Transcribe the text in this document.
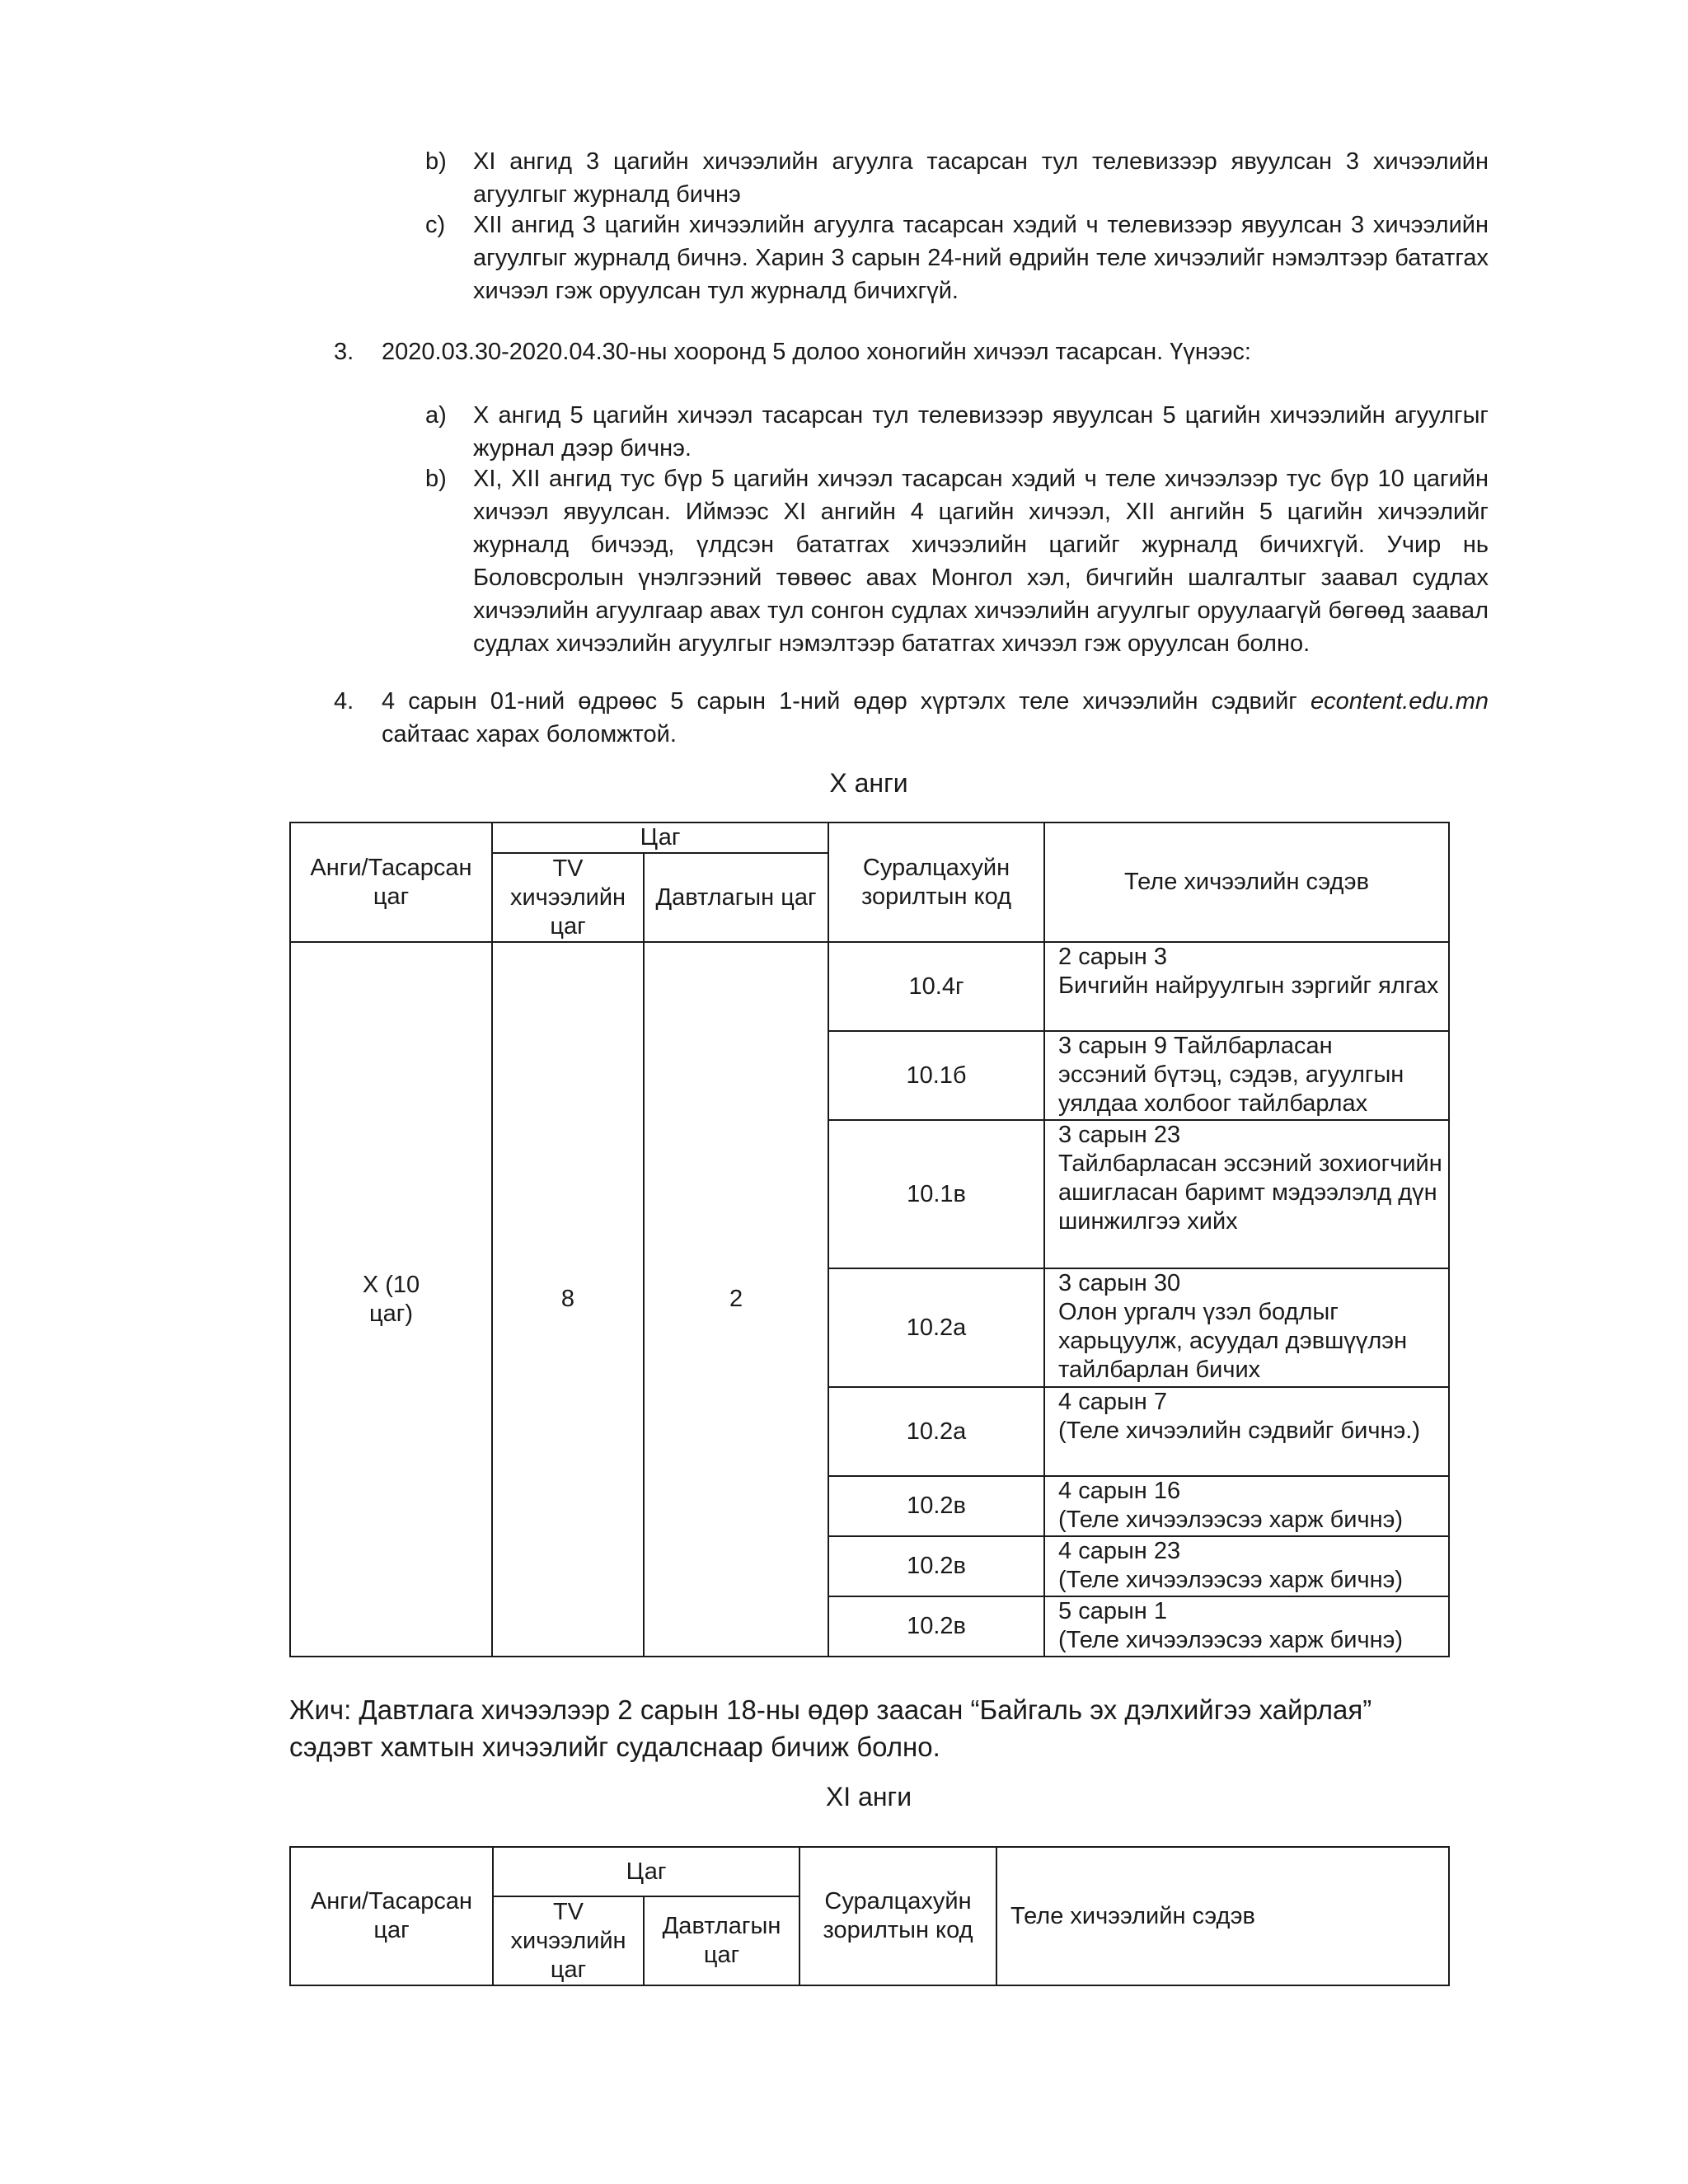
b) XI ангид 3 цагийн хичээлийн агуулга тасарсан тул телевизээр явуулсан 3 хичээлийн агуулгыг журналд бичнэ
c) XII ангид 3 цагийн хичээлийн агуулга тасарсан хэдий ч телевизээр явуулсан 3 хичээлийн агуулгыг журналд бичнэ. Харин 3 сарын 24-ний өдрийн теле хичээлийг нэмэлтээр бататгах хичээл гэж оруулсан тул журналд бичихгүй.
3. 2020.03.30-2020.04.30-ны хооронд 5 долоо хоногийн хичээл тасарсан. Үүнээс:
a) X ангид 5 цагийн хичээл тасарсан тул телевизээр явуулсан 5 цагийн хичээлийн агуулгыг журнал дээр бичнэ.
b) XI, XII ангид тус бүр 5 цагийн хичээл тасарсан хэдий ч теле хичээлээр тус бүр 10 цагийн хичээл явуулсан. Иймээс XI ангийн 4 цагийн хичээл, XII ангийн 5 цагийн хичээлийг журналд бичээд, үлдсэн бататгах хичээлийн цагийг журналд бичихгүй. Учир нь Боловсролын үнэлгээний төвөөс авах Монгол хэл, бичгийн шалгалтыг заавал судлах хичээлийн агуулгаар авах тул сонгон судлах хичээлийн агуулгыг оруулаагүй бөгөөд заавал судлах хичээлийн агуулгыг нэмэлтээр бататгах хичээл гэж оруулсан болно.
4. 4 сарын 01-ний өдрөөс 5 сарын 1-ний өдөр хүртэлх теле хичээлийн сэдвийг econtent.edu.mn сайтаас харах боломжтой.
X анги
Анги/Тасарсан цаг	Цаг		Суралцахуйн зорилтын код	Теле хичээлийн сэдэв
	TV хичээлийн цаг	Давтлагын цаг		
X (10 цаг)	8	2	10.4г	2 сарын 3
Бичгийн найруулгын зэргийг ялгах

			10.1б	3 сарын 9 Тайлбарласан
эссэний бүтэц, сэдэв, агуулгын уялдаа холбоог тайлбарлах

			10.1в	3 сарын 23
Тайлбарласан эссэний зохиогчийн ашигласан баримт мэдээлэлд дүн шинжилгээ хийх

			10.2а	3 сарын 30
Олон ургалч үзэл бодлыг харьцуулж, асуудал дэвшүүлэн тайлбарлан бичих

			10.2а	4 сарын 7
(Теле хичээлийн сэдвийг бичнэ.)

			10.2в	4 сарын 16
(Теле хичээлээсээ харж бичнэ)

			10.2в	4 сарын 23
(Теле хичээлээсээ харж бичнэ)

			10.2в	5 сарын 1
(Теле хичээлээсээ харж бичнэ)
Жич: Давтлага хичээлээр 2 сарын 18-ны өдөр заасан “Байгаль эх дэлхийгээ хайрлая” сэдэвт хамтын хичээлийг судалснаар бичиж болно.
XI анги
Анги/Тасарсан цаг	Цаг		Суралцахуйн зорилтын код	Теле хичээлийн сэдэв
	TV хичээлийн цаг	Давтлагын цаг		
